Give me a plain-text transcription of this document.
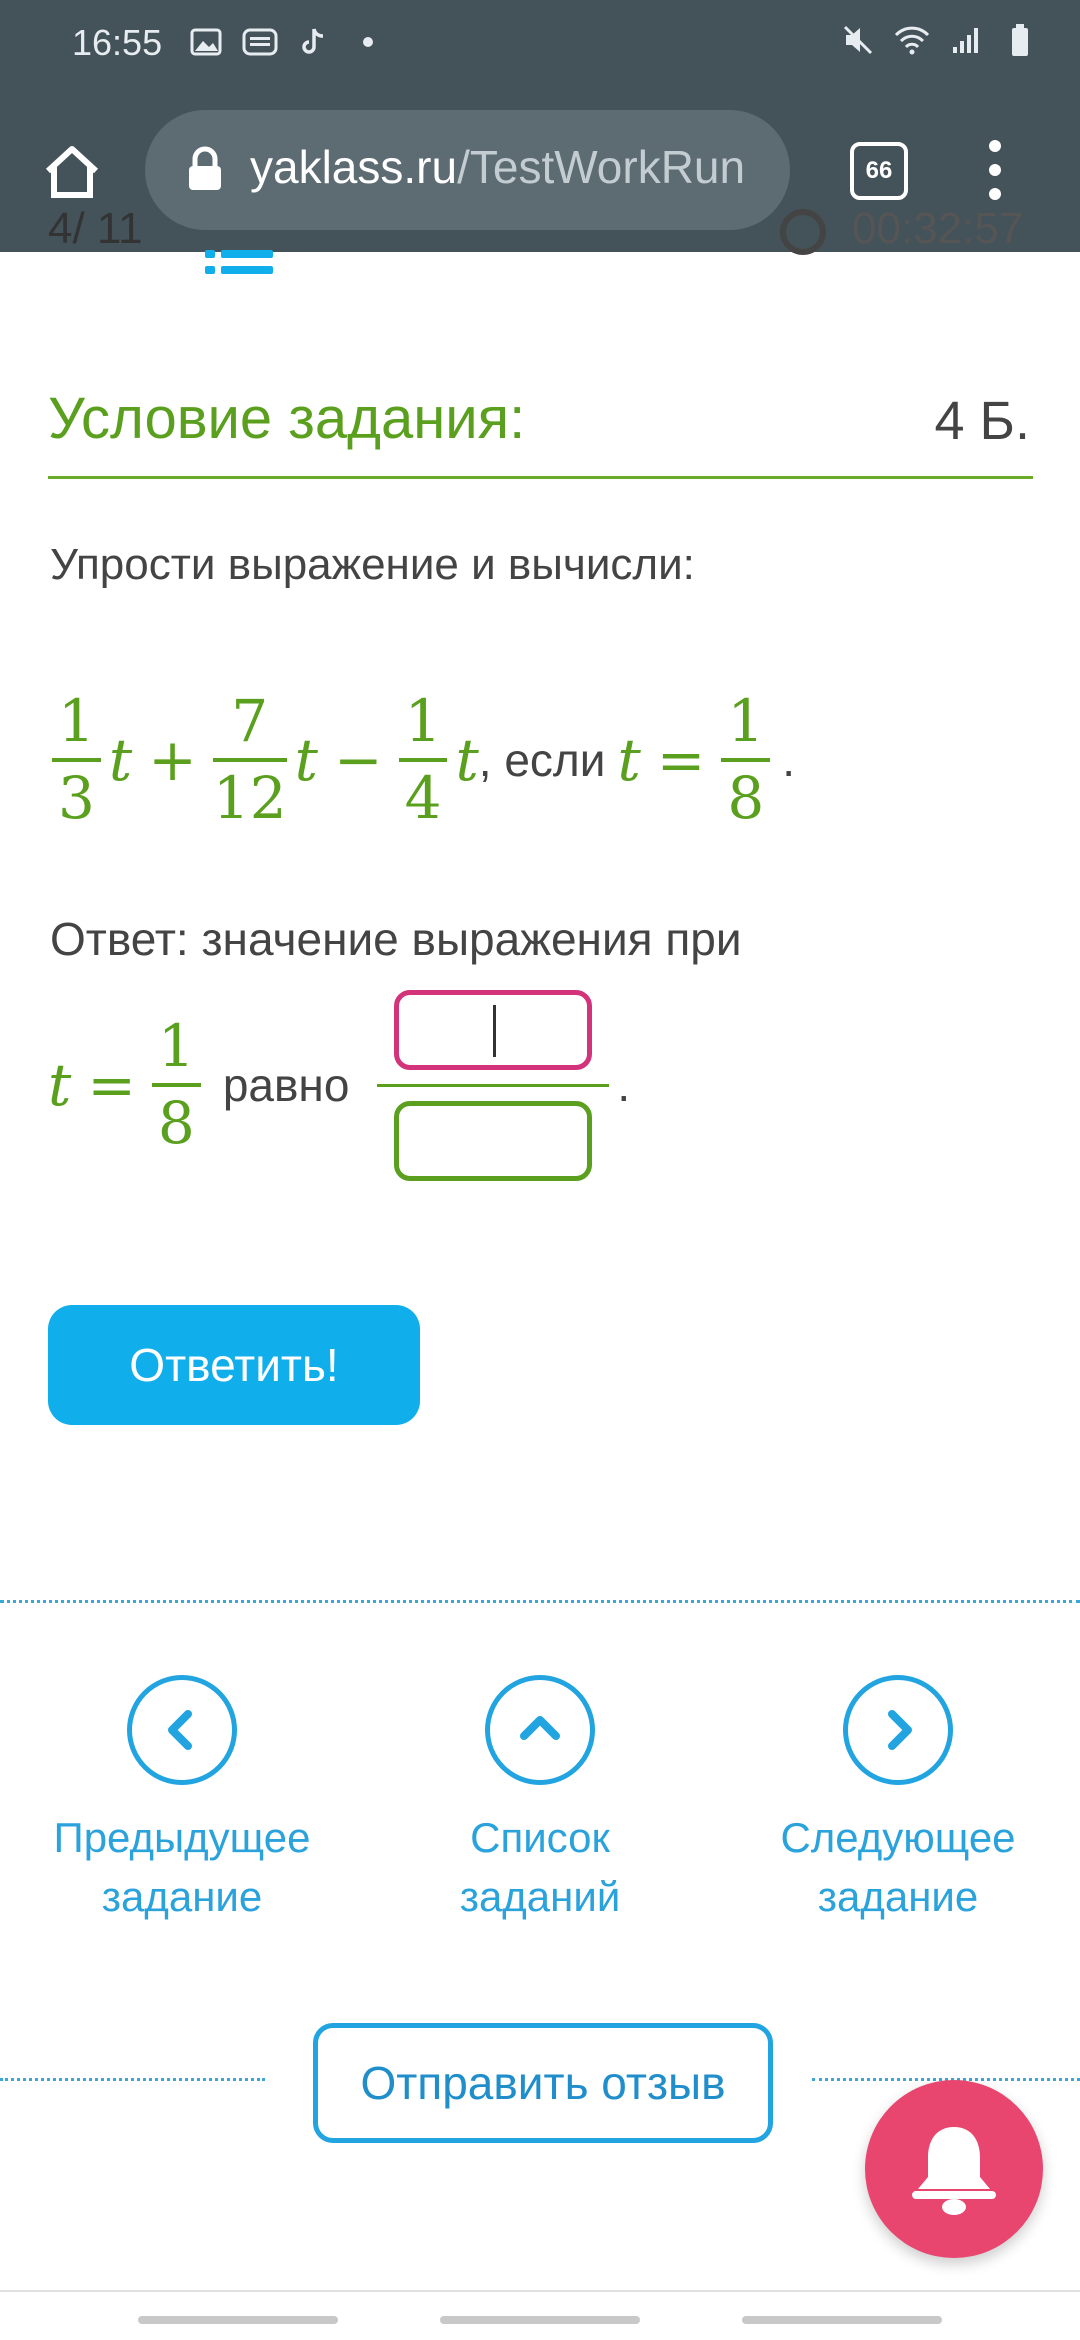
16:55
yaklass.ru/TestWorkRun	66
4/ 11	00:32:57
Условие задания:	4 Б.
Упрости выражение и вычисли:
$\frac{1}{3}$ $t + \frac{7}{12}$ $t - \frac{1}{4}$ t , если $t = \frac{1}{8}$ .
Ответ: значение выражения при
$t = \frac{1}{8}$ равно	.
Ответить!
Предыдущее
задание
Список
заданий
Следующее
задание
Отправить отзыв
